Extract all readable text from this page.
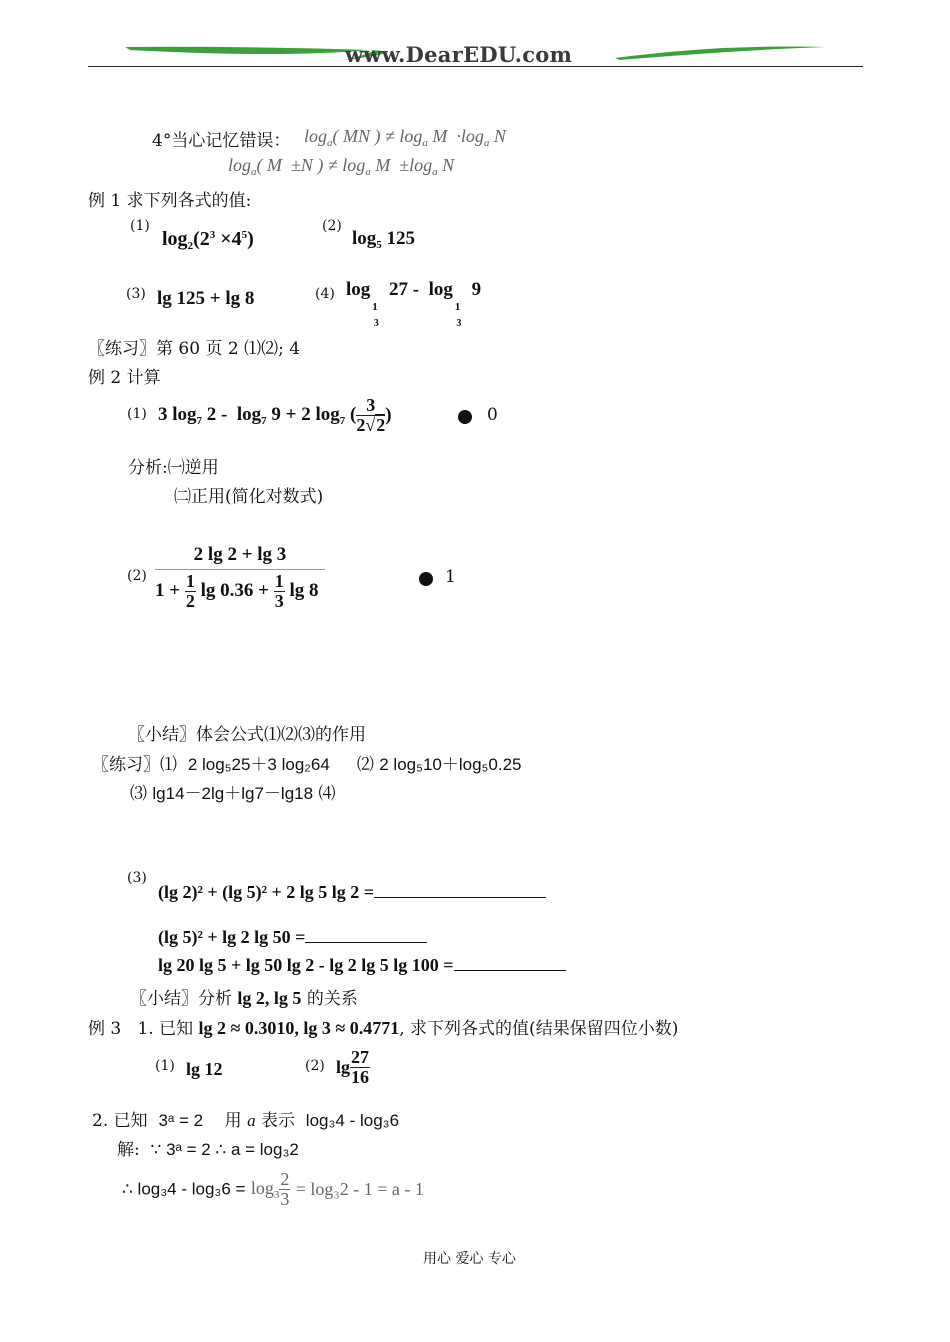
www.DearEDU.com
4°当心记忆错误： $\log_a$( MN ) ≠ $\log_a M \cdot\log_a$ N
$\log_a$( M  ±N ) ≠ $\log_a M \pm\log_a$ N
例 1 求下列各式的值:
(1)
$\log_2(2^3 \times 4^5)$
(2)
$\log_5 125$
(3) lg 125 + lg 8	(4) log
1
3
27 -  log
1
3
9
〖练习〗第 60 页 2 ⑴⑵; 4
例 2 计算
(1) 3 $\log_7 2 - \log_7 9 + 2$ $\log_7$ ( $\frac{3}{2√2}$ )	0
分析:㈠逆用
㈡正用(简化对数式)
(2)
2 lg 2 + lg 3
$1 + \frac{1}{2}$ $\lg 0.36 + \frac{1}{3}$ lg 8
1
〖小结〗体会公式⑴⑵⑶的作用
〖练习〗⑴ 2 log₅25＋3 log₂64 ⑵ 2 log₅10＋log₅0.25
⑶ lg14－2lg＋lg7－lg18 ⑷
(3)
(lg 2)² + (lg 5)² + 2 lg 5 lg 2 =
(lg 5)² + lg 2 lg 50 =
lg 20 lg 5 + lg 50 lg 2 - lg 2 lg 5 lg 100 =
〖小结〗分析 lg 2, lg 5 的关系
例 3 1. 已知 lg 2 ≈ 0.3010, lg 3 ≈ 0.4771, 求下列各式的值(结果保留四位小数)
(1) lg 12	(2) $\lg \frac{27}{16}$
2. 已知 3ᵃ = 2 用 a 表示 log₃4 - log₃6
解: ∵ 3ᵃ = 2 ∴ a = log₃2
∴ $\log_34 - \log_36 = \log_3 \frac{2}{3} = \log_32 - 1 = a - 1$
用心 爱心 专心
